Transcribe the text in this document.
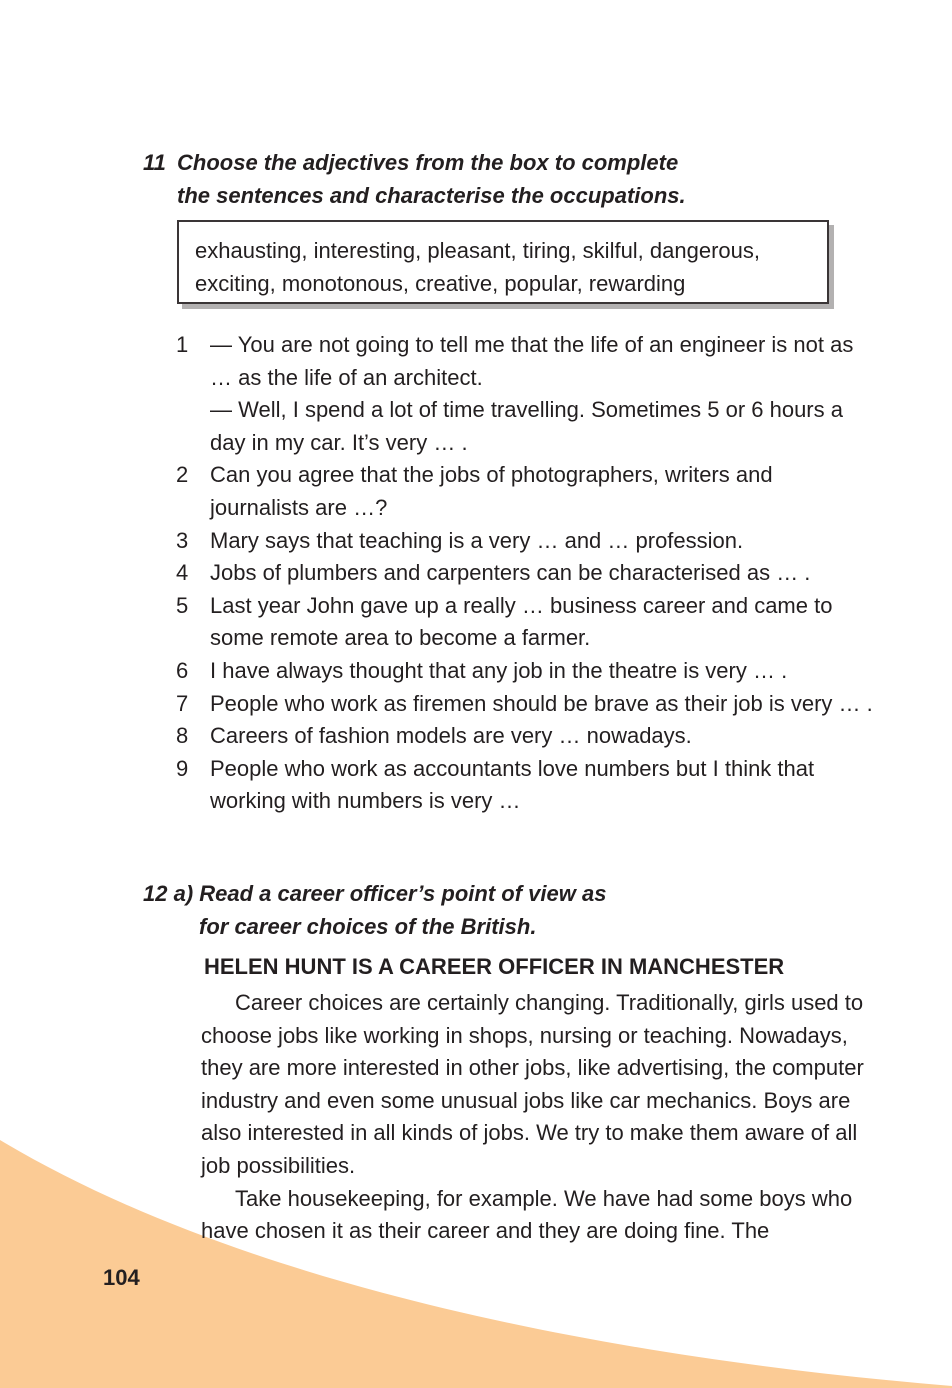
11 Choose the adjectives from the box to complete
the sentences and characterise the occupations.
exhausting, interesting, pleasant, tiring, skilful, dangerous,
exciting, monotonous, creative, popular, rewarding
1 — You are not going to tell me that the life of an engineer is not as … as the life of an architect.
— Well, I spend a lot of time travelling. Sometimes 5 or 6 hours a day in my car. It’s very … .
2 Can you agree that the jobs of photographers, writers and journalists are …?
3 Mary says that teaching is a very … and … profession.
4 Jobs of plumbers and carpenters can be characterised as … .
5 Last year John gave up a really … business career and came to some remote area to become a farmer.
6 I have always thought that any job in the theatre is very … .
7 People who work as firemen should be brave as their job is very … .
8 Careers of fashion models are very … nowadays.
9 People who work as accountants love numbers but I think that working with numbers is very …
12 a) Read a career officer’s point of view as
for career choices of the British.
HELEN HUNT IS A CAREER OFFICER IN MANCHESTER

Career choices are certainly changing. Traditionally, girls used to choose jobs like working in shops, nursing or teaching. Nowadays, they are more interested in other jobs, like advertising, the computer industry and even some unusual jobs like car mechanics. Boys are also interested in all kinds of jobs. We try to make them aware of all job possibilities.

Take housekeeping, for example. We have had some boys who have chosen it as their career and they are doing fine. The

104
